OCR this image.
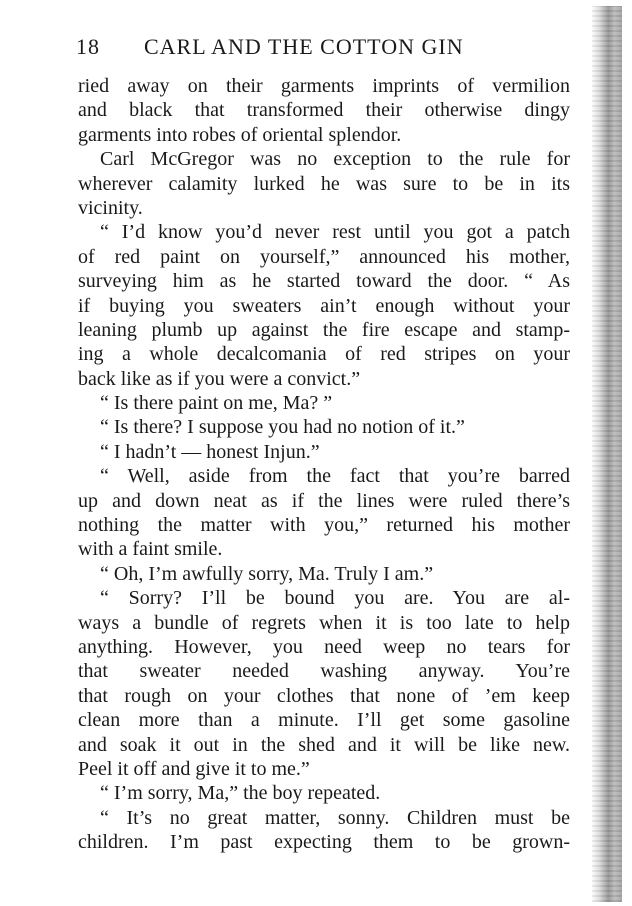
18 CARL AND THE COTTON GIN
ried away on their garments imprints of vermilion
and black that transformed their otherwise dingy
garments into robes of oriental splendor.
Carl McGregor was no exception to the rule for
wherever calamity lurked he was sure to be in its
vicinity.
“ I’d know you’d never rest until you got a patch
of red paint on yourself,” announced his mother,
surveying him as he started toward the door. “ As
if buying you sweaters ain’t enough without your
leaning plumb up against the fire escape and stamp-
ing a whole decalcomania of red stripes on your
back like as if you were a convict.”
“ Is there paint on me, Ma? ”
“ Is there? I suppose you had no notion of it.”
“ I hadn’t — honest Injun.”
“ Well, aside from the fact that you’re barred
up and down neat as if the lines were ruled there’s
nothing the matter with you,” returned his mother
with a faint smile.
“ Oh, I’m awfully sorry, Ma. Truly I am.”
“ Sorry? I’ll be bound you are. You are al-
ways a bundle of regrets when it is too late to help
anything. However, you need weep no tears for
that sweater needed washing anyway. You’re
that rough on your clothes that none of ’em keep
clean more than a minute. I’ll get some gasoline
and soak it out in the shed and it will be like new.
Peel it off and give it to me.”
“ I’m sorry, Ma,” the boy repeated.
“ It’s no great matter, sonny. Children must be
children. I’m past expecting them to be grown-
